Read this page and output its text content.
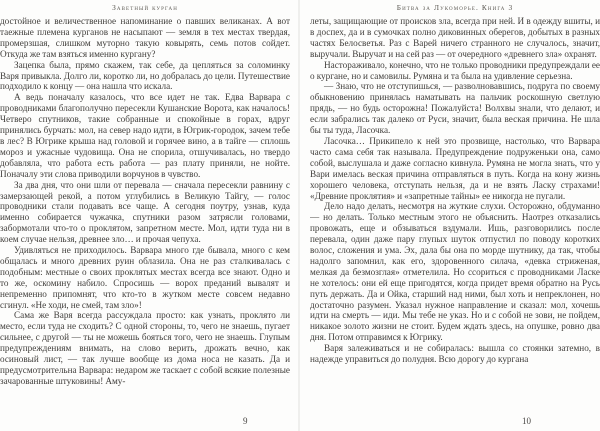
Заветный курган

достойное и величественное напоминание о павших великанах. А вот таежные племена курганов не насыпают — земля в тех местах твердая, промерзшая, слишком муторно такую ковырять, семь потов сойдет. Откуда же там взяться именно кургану?

Зацепка была, прямо скажем, так себе, да цепляться за соломинку Варя привыкла. Долго ли, коротко ли, но добралась до цели. Путешествие подходило к концу — она нашла что искала.

А ведь поначалу казалось, что все идет не так. Едва Варвара с проводниками благополучно пересекли Кушанские Ворота, как началось! Четверо спутников, такие собранные и спокойные в горах, вдруг принялись бурчать: мол, на север надо идти, в Югрик-городок, зачем тебе в лес? В Югрике крыша над головой и горячее вино, а в тайге — сплошь мороз и ужасные чудовища. Она не спорила, отшучивалась, но твердо добавляла, что работа есть работа — раз плату приняли, не нойте. Поначалу эти слова приводили ворчунов в чувство.

За два дня, что они шли от перевала — сначала пересекли равнину с замерзающей рекой, а потом углубились в Великую Тайгу, — голос проводники стали подавать все чаще. А сегодня поутру, узнав, куда именно собирается чужачка, спутники разом затрясли головами, забормотали что-то о проклятом, запретном месте. Мол, идти туда ни в коем случае нельзя, древнее зло… и прочая чепуха.

Удивляться не приходилось. Варвара много где бывала, много с кем общалась и много древних руин облазила. Она не раз сталкивалась с подобным: местные о своих проклятых местах всегда все знают. Одно и то же, оскомину набило. Спросишь — ворох преданий вывалят и непременно припомнят, что кто-то в жутком месте совсем недавно сгинул. «Не ходи, не смей, там зло»!

Сама же Варя всегда рассуждала просто: как узнать, проклято ли место, если туда не сходить? С одной стороны, то, чего не знаешь, пугает сильнее, с другой — ты не можешь бояться того, чего не знаешь. Глупым предупреждениям внимать, на слово верить, дрожать вечно, как осиновый лист, — так лучше вообще из дома носа не казать. Да и предусмотрительна Варвара: недаром же таскает с собой всякие полезные зачарованные штуковины! Аму-

Битва за Лукоморье. Книга 3

леты, защищающие от происков зла, всегда при ней. И в одежду вшиты, и в доспех, да и в сумочках полно диковинных оберегов, добытых в разных частях Белосветья. Раз с Варей ничего странного не случалось, значит, выручали. Выручат и на сей раз — от очередного «древнего зла» охранят.

Настораживало, конечно, что не только проводники предупреждали ее о кургане, но и самовилы. Румяна и та была на удивление серьезна.

— Знаю, что не отступишься, — разволновавшись, подруга по своему обыкновению принялась наматывать на пальчик роскошную светлую прядь, — но будь осторожна! Пожалуйста! Волхвы знали, что делают, и если забрались так далеко от Руси, значит, была веская причина. Не шла бы ты туда, Ласочка.

Ласочка… Прикипело к ней это прозвище, настолько, что Варвара часто сама себя так называла. Предупреждение подруженьки она, само собой, выслушала и даже согласно кивнула. Румяна не могла знать, что у Вари имелась веская причина отправляться в путь. Когда на кону жизнь хорошего человека, отступать нельзя, да и не взять Ласку страхами! «Древние проклятия» и «запретные тайны» ее никогда не пугали.

Дело надо делать, несмотря на жуткие слухи. Осторожно, обдуманно — но делать. Только местным этого не объяснить. Наотрез отказались провожать, еще и обзываться вздумали. Ишь, разговорились после перевала, один даже пару глупых шуток отпустил по поводу коротких волос, сложения и ума. Эх, дала бы она по морде шутнику, да так, чтобы надолго запомнил, как его, здоровенного силача, «девка стриженая, мелкая да безмозглая» отметелила. Но ссориться с проводниками Ласке не хотелось: они ей еще пригодятся, когда придет время обратно на Русь путь держать. Да и Ойка, старший над ними, был хоть и непреклонен, но достаточно разумен. Указал нужное направление и сказал: мол, хочешь идти на смерть — иди. Мы тебе не указ. Но и с собой не зови, не пойдем, никакое золото жизни не стоит. Будем ждать здесь, на опушке, ровно два дня. Потом отправимся к Югрику.

Варя залеживаться и не собиралась: вышла со стоянки затемно, в надежде управиться до полудня. Всю дорогу до кургана

9	10
